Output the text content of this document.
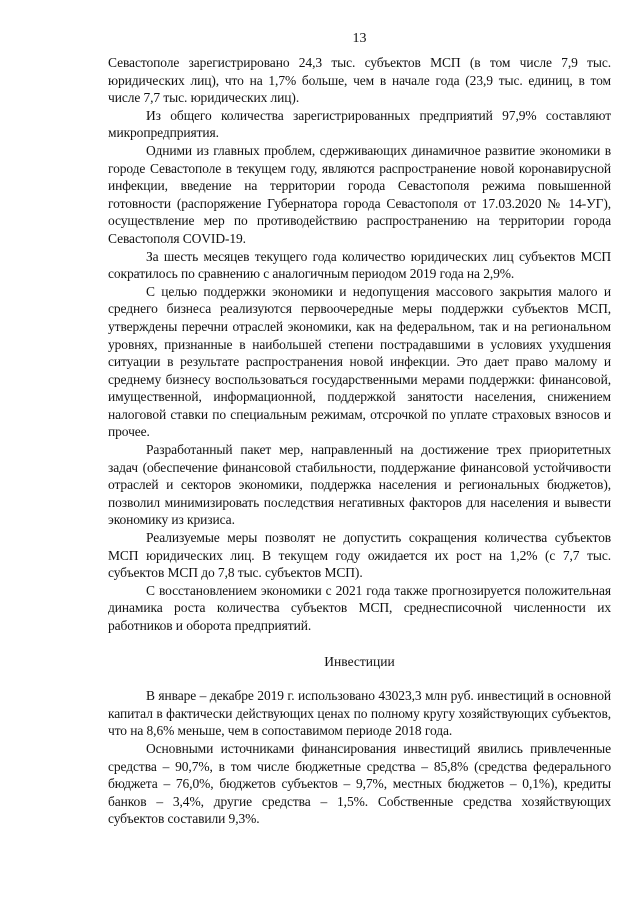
13

Севастополе зарегистрировано 24,3 тыс. субъектов МСП (в том числе 7,9 тыс. юридических лиц), что на 1,7% больше, чем в начале года (23,9 тыс. единиц, в том числе 7,7 тыс. юридических лиц).

Из общего количества зарегистрированных предприятий 97,9% составляют микропредприятия.

Одними из главных проблем, сдерживающих динамичное развитие экономики в городе Севастополе в текущем году, являются распространение новой коронавирусной инфекции, введение на территории города Севастополя режима повышенной готовности (распоряжение Губернатора города Севастополя от 17.03.2020 № 14-УГ), осуществление мер по противодействию распространению на территории города Севастополя COVID-19.

За шесть месяцев текущего года количество юридических лиц субъектов МСП сократилось по сравнению с аналогичным периодом 2019 года на 2,9%.

С целью поддержки экономики и недопущения массового закрытия малого и среднего бизнеса реализуются первоочередные меры поддержки субъектов МСП, утверждены перечни отраслей экономики, как на федеральном, так и на региональном уровнях, признанные в наибольшей степени пострадавшими в условиях ухудшения ситуации в результате распространения новой инфекции. Это дает право малому и среднему бизнесу воспользоваться государственными мерами поддержки: финансовой, имущественной, информационной, поддержкой занятости населения, снижением налоговой ставки по специальным режимам, отсрочкой по уплате страховых взносов и прочее.

Разработанный пакет мер, направленный на достижение трех приоритетных задач (обеспечение финансовой стабильности, поддержание финансовой устойчивости отраслей и секторов экономики, поддержка населения и региональных бюджетов), позволил минимизировать последствия негативных факторов для населения и вывести экономику из кризиса.

Реализуемые меры позволят не допустить сокращения количества субъектов МСП юридических лиц. В текущем году ожидается их рост на 1,2% (с 7,7 тыс. субъектов МСП до 7,8 тыс. субъектов МСП).

С восстановлением экономики с 2021 года также прогнозируется положительная динамика роста количества субъектов МСП, среднесписочной численности их работников и оборота предприятий.

Инвестиции

В январе – декабре 2019 г. использовано 43023,3 млн руб. инвестиций в основной капитал в фактически действующих ценах по полному кругу хозяйствующих субъектов, что на 8,6% меньше, чем в сопоставимом периоде 2018 года.

Основными источниками финансирования инвестиций явились привлеченные средства – 90,7%, в том числе бюджетные средства – 85,8% (средства федерального бюджета – 76,0%, бюджетов субъектов – 9,7%, местных бюджетов – 0,1%), кредиты банков – 3,4%, другие средства – 1,5%. Собственные средства хозяйствующих субъектов составили 9,3%.
